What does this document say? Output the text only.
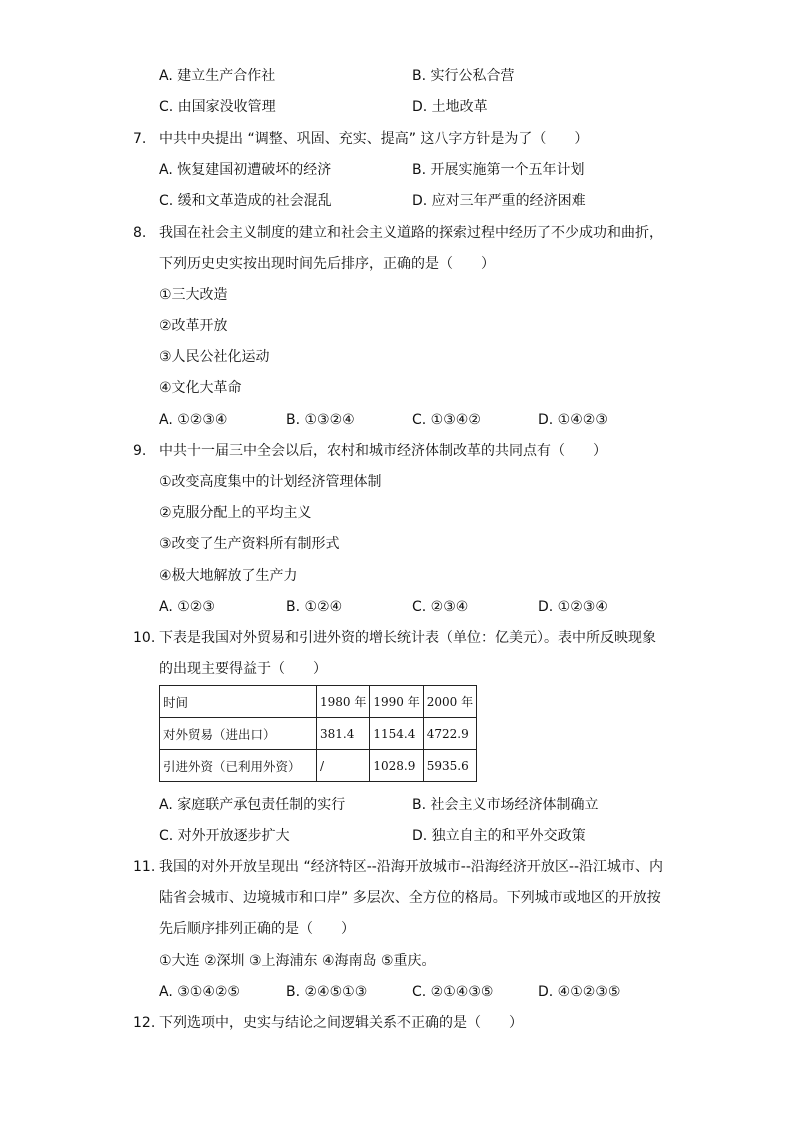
A. 建立生产合作社	B. 实行公私合营
C. 由国家没收管理	D. 土地改革
7. 中共中央提出 “调整、巩固、充实、提高” 这八字方针是为了（　　）
A. 恢复建国初遭破坏的经济	B. 开展实施第一个五年计划
C. 缓和文革造成的社会混乱	D. 应对三年严重的经济困难
8. 我国在社会主义制度的建立和社会主义道路的探索过程中经历了不少成功和曲折，
下列历史史实按出现时间先后排序，正确的是（　　）
①三大改造
②改革开放
③人民公社化运动
④文化大革命
A. ①②③④	B. ①③②④	C. ①③④②	D. ①④②③
9. 中共十一届三中全会以后，农村和城市经济体制改革的共同点有（　　）
①改变高度集中的计划经济管理体制
②克服分配上的平均主义
③改变了生产资料所有制形式
④极大地解放了生产力
A. ①②③	B. ①②④	C. ②③④	D. ①②③④
10. 下表是我国对外贸易和引进外资的增长统计表（单位：亿美元）。表中所反映现象
的出现主要得益于（　　）
时间	1980 年	1990 年	2000 年
对外贸易（进出口）	381.4	1154.4	4722.9
引进外资（已利用外资）	/	1028.9	5935.6
A. 家庭联产承包责任制的实行	B. 社会主义市场经济体制确立
C. 对外开放逐步扩大	D. 独立自主的和平外交政策
11. 我国的对外开放呈现出 “经济特区--沿海开放城市--沿海经济开放区--沿江城市、内
陆省会城市、边境城市和口岸” 多层次、全方位的格局。下列城市或地区的开放按
先后顺序排列正确的是（　　）
①大连 ②深圳 ③上海浦东 ④海南岛 ⑤重庆。
A. ③①④②⑤	B. ②④⑤①③	C. ②①④③⑤	D. ④①②③⑤
12. 下列选项中，史实与结论之间逻辑关系不正确的是（　　）
